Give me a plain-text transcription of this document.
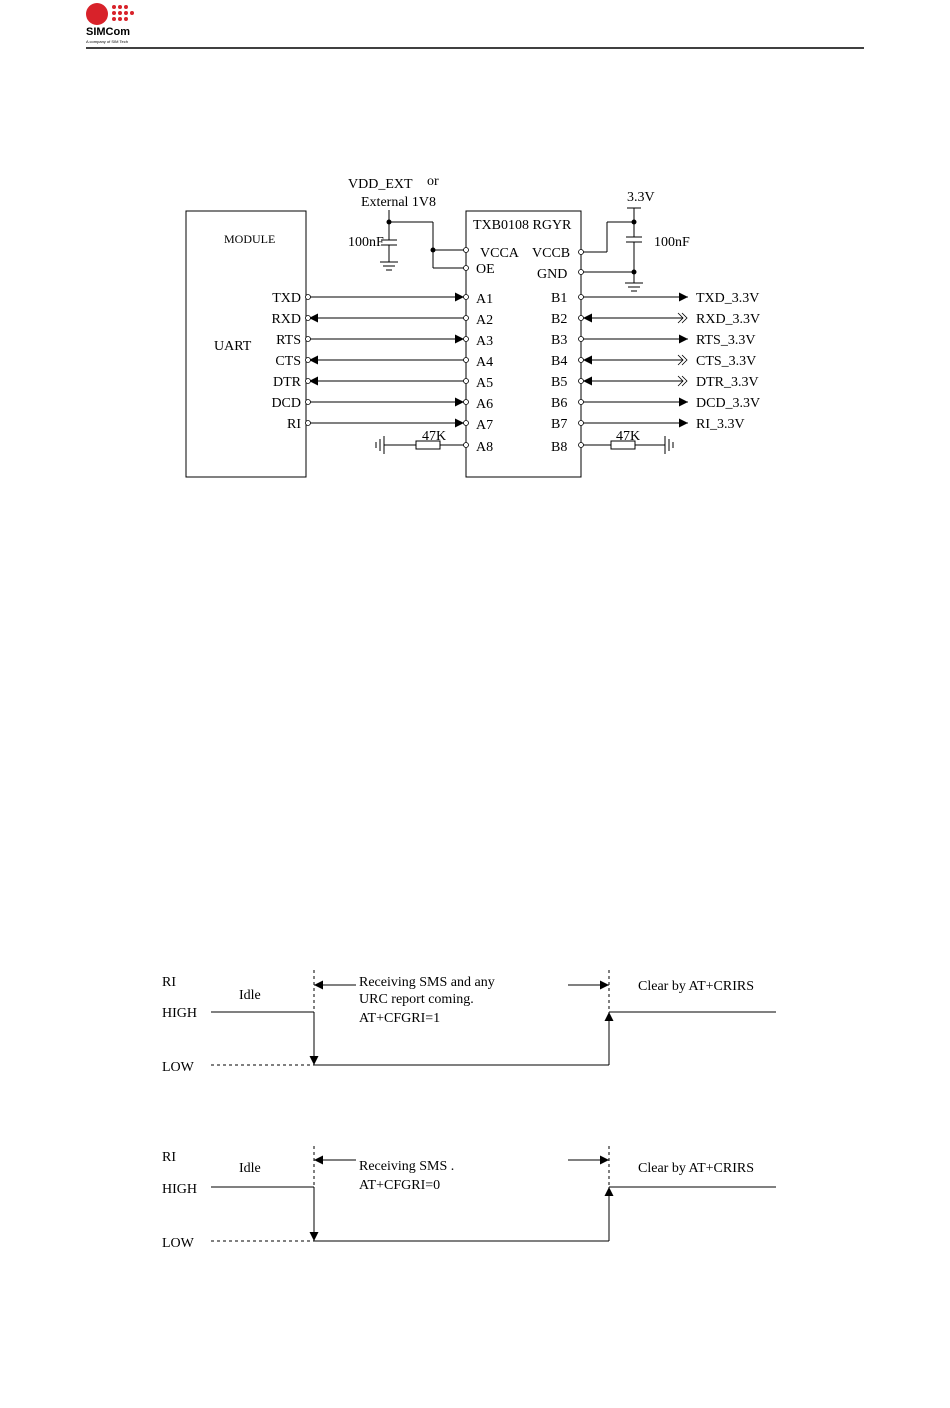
SIMCom
A company of SIM Tech
TXD	A1	B1	TXD_3.3V
RXD	A2	B2	RXD_3.3V
RTS	A3	B3	RTS_3.3V
CTS	A4	B4	CTS_3.3V
DTR	A5	B5	DTR_3.3V
DCD	A6	B6	DCD_3.3V
RI	A7	B7	RI_3.3V
VDD_EXT or
External 1V8
100nF
3.3V
100nF
MODULE
UART
TXB0108 RGYR
VCCA
OE
VCCB
GND
A8	B8
47K	47K
RI
HIGH
LOW
Idle
Receiving SMS and any
URC report coming.
AT+CFGRI=1
Clear by AT+CRIRS
RI
HIGH
LOW
Idle	Receiving SMS .
AT+CFGRI=0
Clear by AT+CRIRS
